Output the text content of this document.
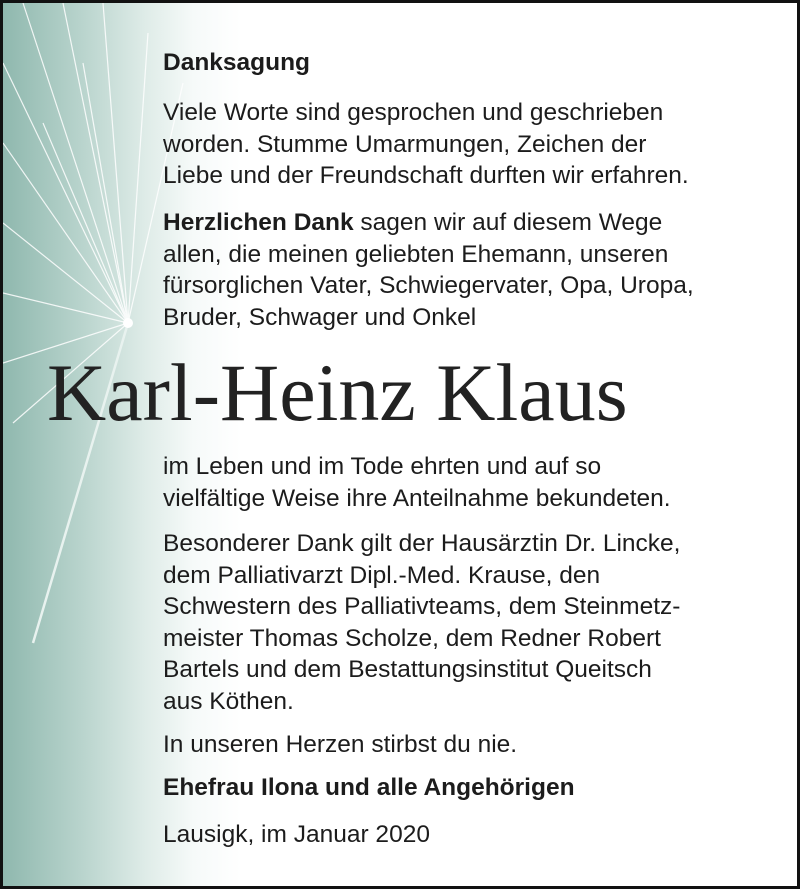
Danksagung
Viele Worte sind gesprochen und geschrieben
worden. Stumme Umarmungen, Zeichen der
Liebe und der Freundschaft durften wir erfahren.
Herzlichen Dank sagen wir auf diesem Wege
allen, die meinen geliebten Ehemann, unseren
fürsorglichen Vater, Schwiegervater, Opa, Uropa,
Bruder, Schwager und Onkel
Karl-Heinz Klaus
im Leben und im Tode ehrten und auf so
vielfältige Weise ihre Anteilnahme bekundeten.
Besonderer Dank gilt der Hausärztin Dr. Lincke,
dem Palliativarzt Dipl.-Med. Krause, den
Schwestern des Palliativteams, dem Steinmetz-
meister Thomas Scholze, dem Redner Robert
Bartels und dem Bestattungsinstitut Queitsch
aus Köthen.
In unseren Herzen stirbst du nie.
Ehefrau Ilona und alle Angehörigen
Lausigk, im Januar 2020
